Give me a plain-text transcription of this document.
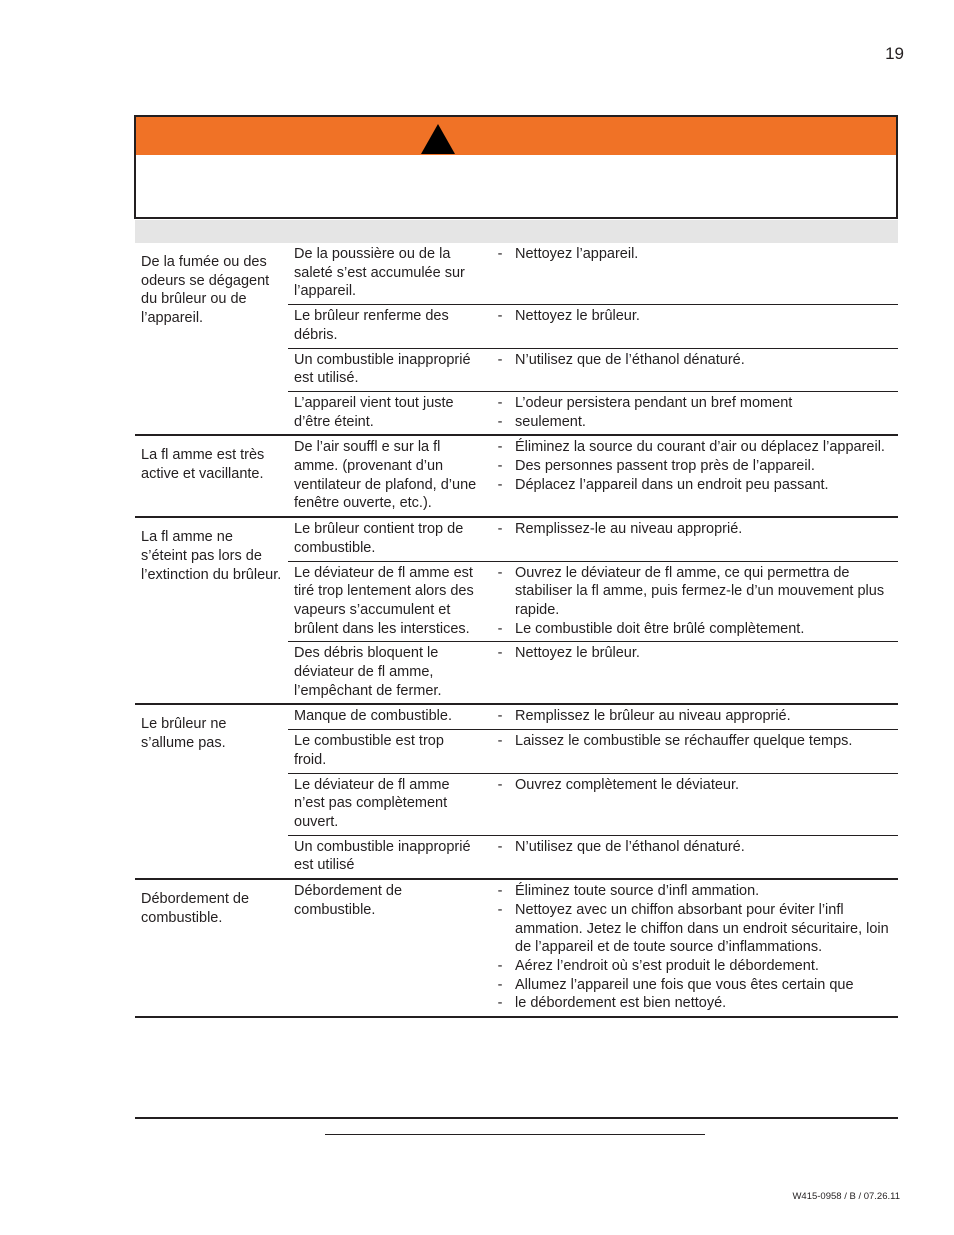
19
De la fumée ou des odeurs se dégagent du brûleur ou de l’appareil.
De la poussière ou de la saleté s’est accumulée sur l’appareil.
- Nettoyez l’appareil.
Le brûleur renferme des débris.
- Nettoyez le brûleur.
Un combustible inapproprié est utilisé.
- N’utilisez que de l’éthanol dénaturé.
L’appareil vient tout juste d’être éteint.
- L’odeur persistera pendant un bref moment
- seulement.
La fl amme est très active et vacillante.
De l’air souffl e sur la fl amme. (provenant d’un ventilateur de plafond, d’une fenêtre ouverte, etc.).
- Éliminez la source du courant d’air ou déplacez l’appareil.
- Des personnes passent trop près de l’appareil.
- Déplacez l’appareil dans un endroit peu passant.
La fl amme ne s’éteint pas lors de l’extinction du brûleur.
Le brûleur contient trop de combustible.
- Remplissez-le au niveau approprié.
Le déviateur de fl amme est tiré trop lentement alors des vapeurs s’accumulent et brûlent dans les interstices.
- Ouvrez le déviateur de fl amme, ce qui permettra de stabiliser la fl amme, puis fermez-le d’un mouvement plus rapide.
- Le combustible doit être brûlé complètement.
Des débris bloquent le déviateur de fl amme, l’empêchant de fermer.
- Nettoyez le brûleur.
Le brûleur ne s’allume pas.
Manque de combustible.	- Remplissez le brûleur au niveau approprié.
Le combustible est trop froid.
- Laissez le combustible se réchauffer quelque temps.
Le déviateur de fl amme n’est pas complètement ouvert.
- Ouvrez complètement le déviateur.
Un combustible inapproprié est utilisé
- N’utilisez que de l’éthanol dénaturé.
Débordement de combustible.
Débordement de combustible.
- Éliminez toute source d’infl ammation.
- Nettoyez avec un chiffon absorbant pour éviter l’infl ammation. Jetez le chiffon dans un endroit sécuritaire, loin de l’appareil et de toute source d’inflammations.
- Aérez l’endroit où s’est produit le débordement.
- Allumez l’appareil une fois que vous êtes certain que
- le débordement est bien nettoyé.
W415-0958 / B / 07.26.11
